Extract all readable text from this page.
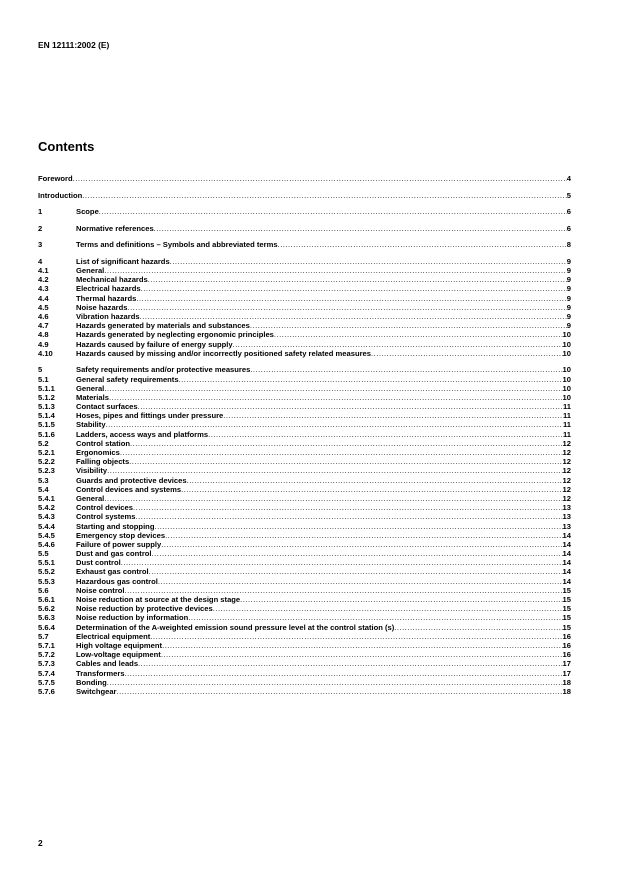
EN 12111:2002 (E)
Contents
Foreword .....	4
Introduction .....	5
1	Scope .....	6
2	Normative references .....	6
3	Terms and definitions – Symbols and abbreviated terms .....	8
4	List of significant hazards .....	9
4.1	General .....	9
4.2	Mechanical hazards .....	9
4.3	Electrical hazards .....	9
4.4	Thermal hazards .....	9
4.5	Noise hazards .....	9
4.6	Vibration hazards .....	9
4.7	Hazards generated by materials and substances .....	9
4.8	Hazards generated by neglecting ergonomic principles .....	10
4.9	Hazards caused by failure of energy supply .....	10
4.10	Hazards caused by missing and/or incorrectly positioned safety related measures .....	10
5	Safety requirements and/or protective measures .....	10
5.1	General safety requirements .....	10
5.1.1	General .....	10
5.1.2	Materials .....	10
5.1.3	Contact surfaces .....	11
5.1.4	Hoses, pipes and fittings under pressure .....	11
5.1.5	Stability .....	11
5.1.6	Ladders, access ways and platforms .....	11
5.2	Control station .....	12
5.2.1	Ergonomics .....	12
5.2.2	Falling objects .....	12
5.2.3	Visibility .....	12
5.3	Guards and protective devices .....	12
5.4	Control devices and systems .....	12
5.4.1	General .....	12
5.4.2	Control devices .....	13
5.4.3	Control systems .....	13
5.4.4	Starting and stopping .....	13
5.4.5	Emergency stop devices .....	14
5.4.6	Failure of power supply .....	14
5.5	Dust and gas control .....	14
5.5.1	Dust control .....	14
5.5.2	Exhaust gas control .....	14
5.5.3	Hazardous gas control .....	14
5.6	Noise control .....	15
5.6.1	Noise reduction at source at the design stage .....	15
5.6.2	Noise reduction by protective devices .....	15
5.6.3	Noise reduction by information .....	15
5.6.4	Determination of the A-weighted emission sound pressure level at the control station (s) .....	15
5.7	Electrical equipment .....	16
5.7.1	High voltage equipment .....	16
5.7.2	Low-voltage equipment .....	16
5.7.3	Cables and leads .....	17
5.7.4	Transformers .....	17
5.7.5	Bonding .....	18
5.7.6	Switchgear .....	18
2
